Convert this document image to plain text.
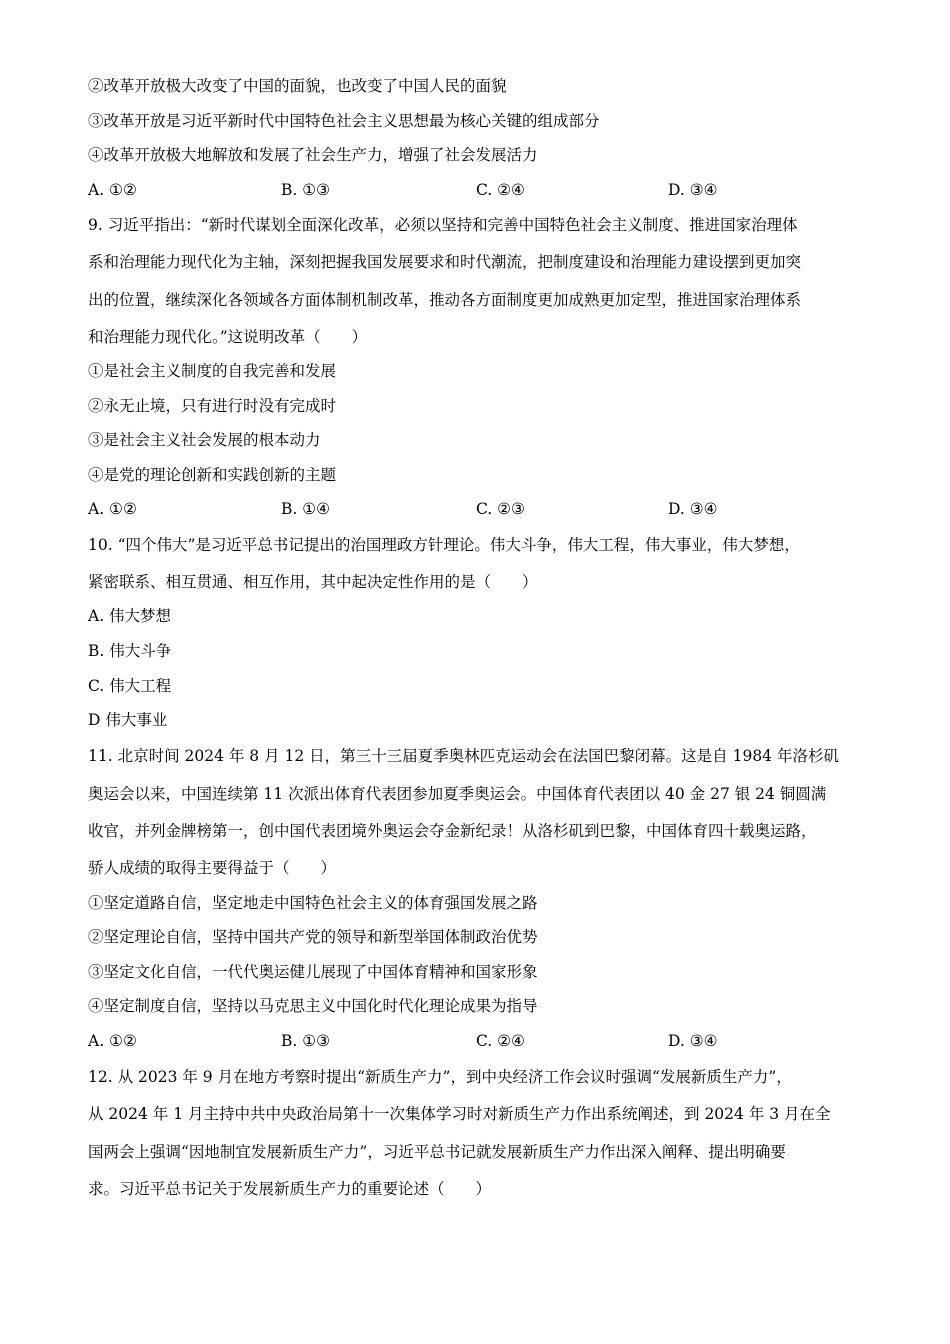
②改革开放极大改变了中国的面貌，也改变了中国人民的面貌
③改革开放是习近平新时代中国特色社会主义思想最为核心关键的组成部分
④改革开放极大地解放和发展了社会生产力，增强了社会发展活力
A. ①②	B. ①③	C. ②④	D. ③④
9. 习近平指出：“新时代谋划全面深化改革，必须以坚持和完善中国特色社会主义制度、推进国家治理体
系和治理能力现代化为主轴，深刻把握我国发展要求和时代潮流，把制度建设和治理能力建设摆到更加突
出的位置，继续深化各领域各方面体制机制改革，推动各方面制度更加成熟更加定型，推进国家治理体系
和治理能力现代化。”这说明改革（　　）
①是社会主义制度的自我完善和发展
②永无止境，只有进行时没有完成时
③是社会主义社会发展的根本动力
④是党的理论创新和实践创新的主题
A. ①②	B. ①④	C. ②③	D. ③④
10. “四个伟大”是习近平总书记提出的治国理政方针理论。伟大斗争，伟大工程，伟大事业，伟大梦想，
紧密联系、相互贯通、相互作用，其中起决定性作用的是（　　）
A. 伟大梦想
B. 伟大斗争
C. 伟大工程
D 伟大事业
11. 北京时间 2024 年 8 月 12 日，第三十三届夏季奥林匹克运动会在法国巴黎闭幕。这是自 1984 年洛杉矶
奥运会以来，中国连续第 11 次派出体育代表团参加夏季奥运会。中国体育代表团以 40 金 27 银 24 铜圆满
收官，并列金牌榜第一，创中国代表团境外奥运会夺金新纪录！从洛杉矶到巴黎，中国体育四十载奥运路，
骄人成绩的取得主要得益于（　　）
①坚定道路自信，坚定地走中国特色社会主义的体育强国发展之路
②坚定理论自信，坚持中国共产党的领导和新型举国体制政治优势
③坚定文化自信，一代代奥运健儿展现了中国体育精神和国家形象
④坚定制度自信，坚持以马克思主义中国化时代化理论成果为指导
A. ①②	B. ①③	C. ②④	D. ③④
12. 从 2023 年 9 月在地方考察时提出“新质生产力”，到中央经济工作会议时强调“发展新质生产力”，
从 2024 年 1 月主持中共中央政治局第十一次集体学习时对新质生产力作出系统阐述，到 2024 年 3 月在全
国两会上强调“因地制宜发展新质生产力”，习近平总书记就发展新质生产力作出深入阐释、提出明确要
求。习近平总书记关于发展新质生产力的重要论述（　　）
